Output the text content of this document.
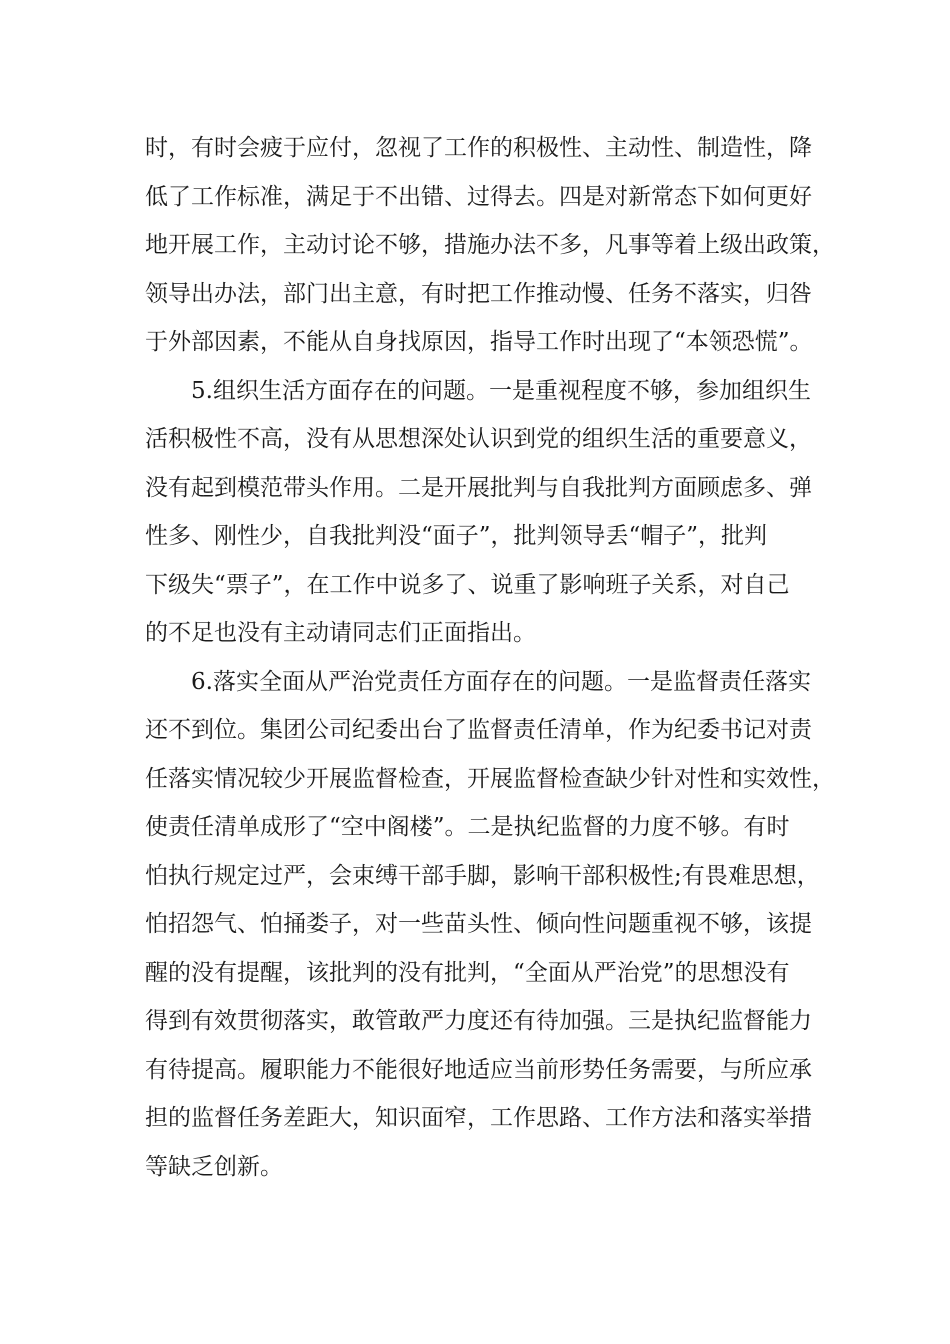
时，有时会疲于应付，忽视了工作的积极性、主动性、制造性，降
低了工作标准，满足于不出错、过得去。四是对新常态下如何更好
地开展工作，主动讨论不够，措施办法不多，凡事等着上级出政策，
领导出办法，部门出主意，有时把工作推动慢、任务不落实，归咎
于外部因素，不能从自身找原因，指导工作时出现了“本领恐慌”。
5.组织生活方面存在的问题。一是重视程度不够，参加组织生
活积极性不高，没有从思想深处认识到党的组织生活的重要意义，
没有起到模范带头作用。二是开展批判与自我批判方面顾虑多、弹
性多、刚性少，自我批判没“面子”，批判领导丢“帽子”，批判
下级失“票子”，在工作中说多了、说重了影响班子关系，对自己
的不足也没有主动请同志们正面指出。
6.落实全面从严治党责任方面存在的问题。一是监督责任落实
还不到位。集团公司纪委出台了监督责任清单，作为纪委书记对责
任落实情况较少开展监督检查，开展监督检查缺少针对性和实效性，
使责任清单成形了“空中阁楼”。二是执纪监督的力度不够。有时
怕执行规定过严，会束缚干部手脚，影响干部积极性;有畏难思想，
怕招怨气、怕捅娄子，对一些苗头性、倾向性问题重视不够，该提
醒的没有提醒，该批判的没有批判，“全面从严治党”的思想没有
得到有效贯彻落实，敢管敢严力度还有待加强。三是执纪监督能力
有待提高。履职能力不能很好地适应当前形势任务需要，与所应承
担的监督任务差距大，知识面窄，工作思路、工作方法和落实举措
等缺乏创新。
